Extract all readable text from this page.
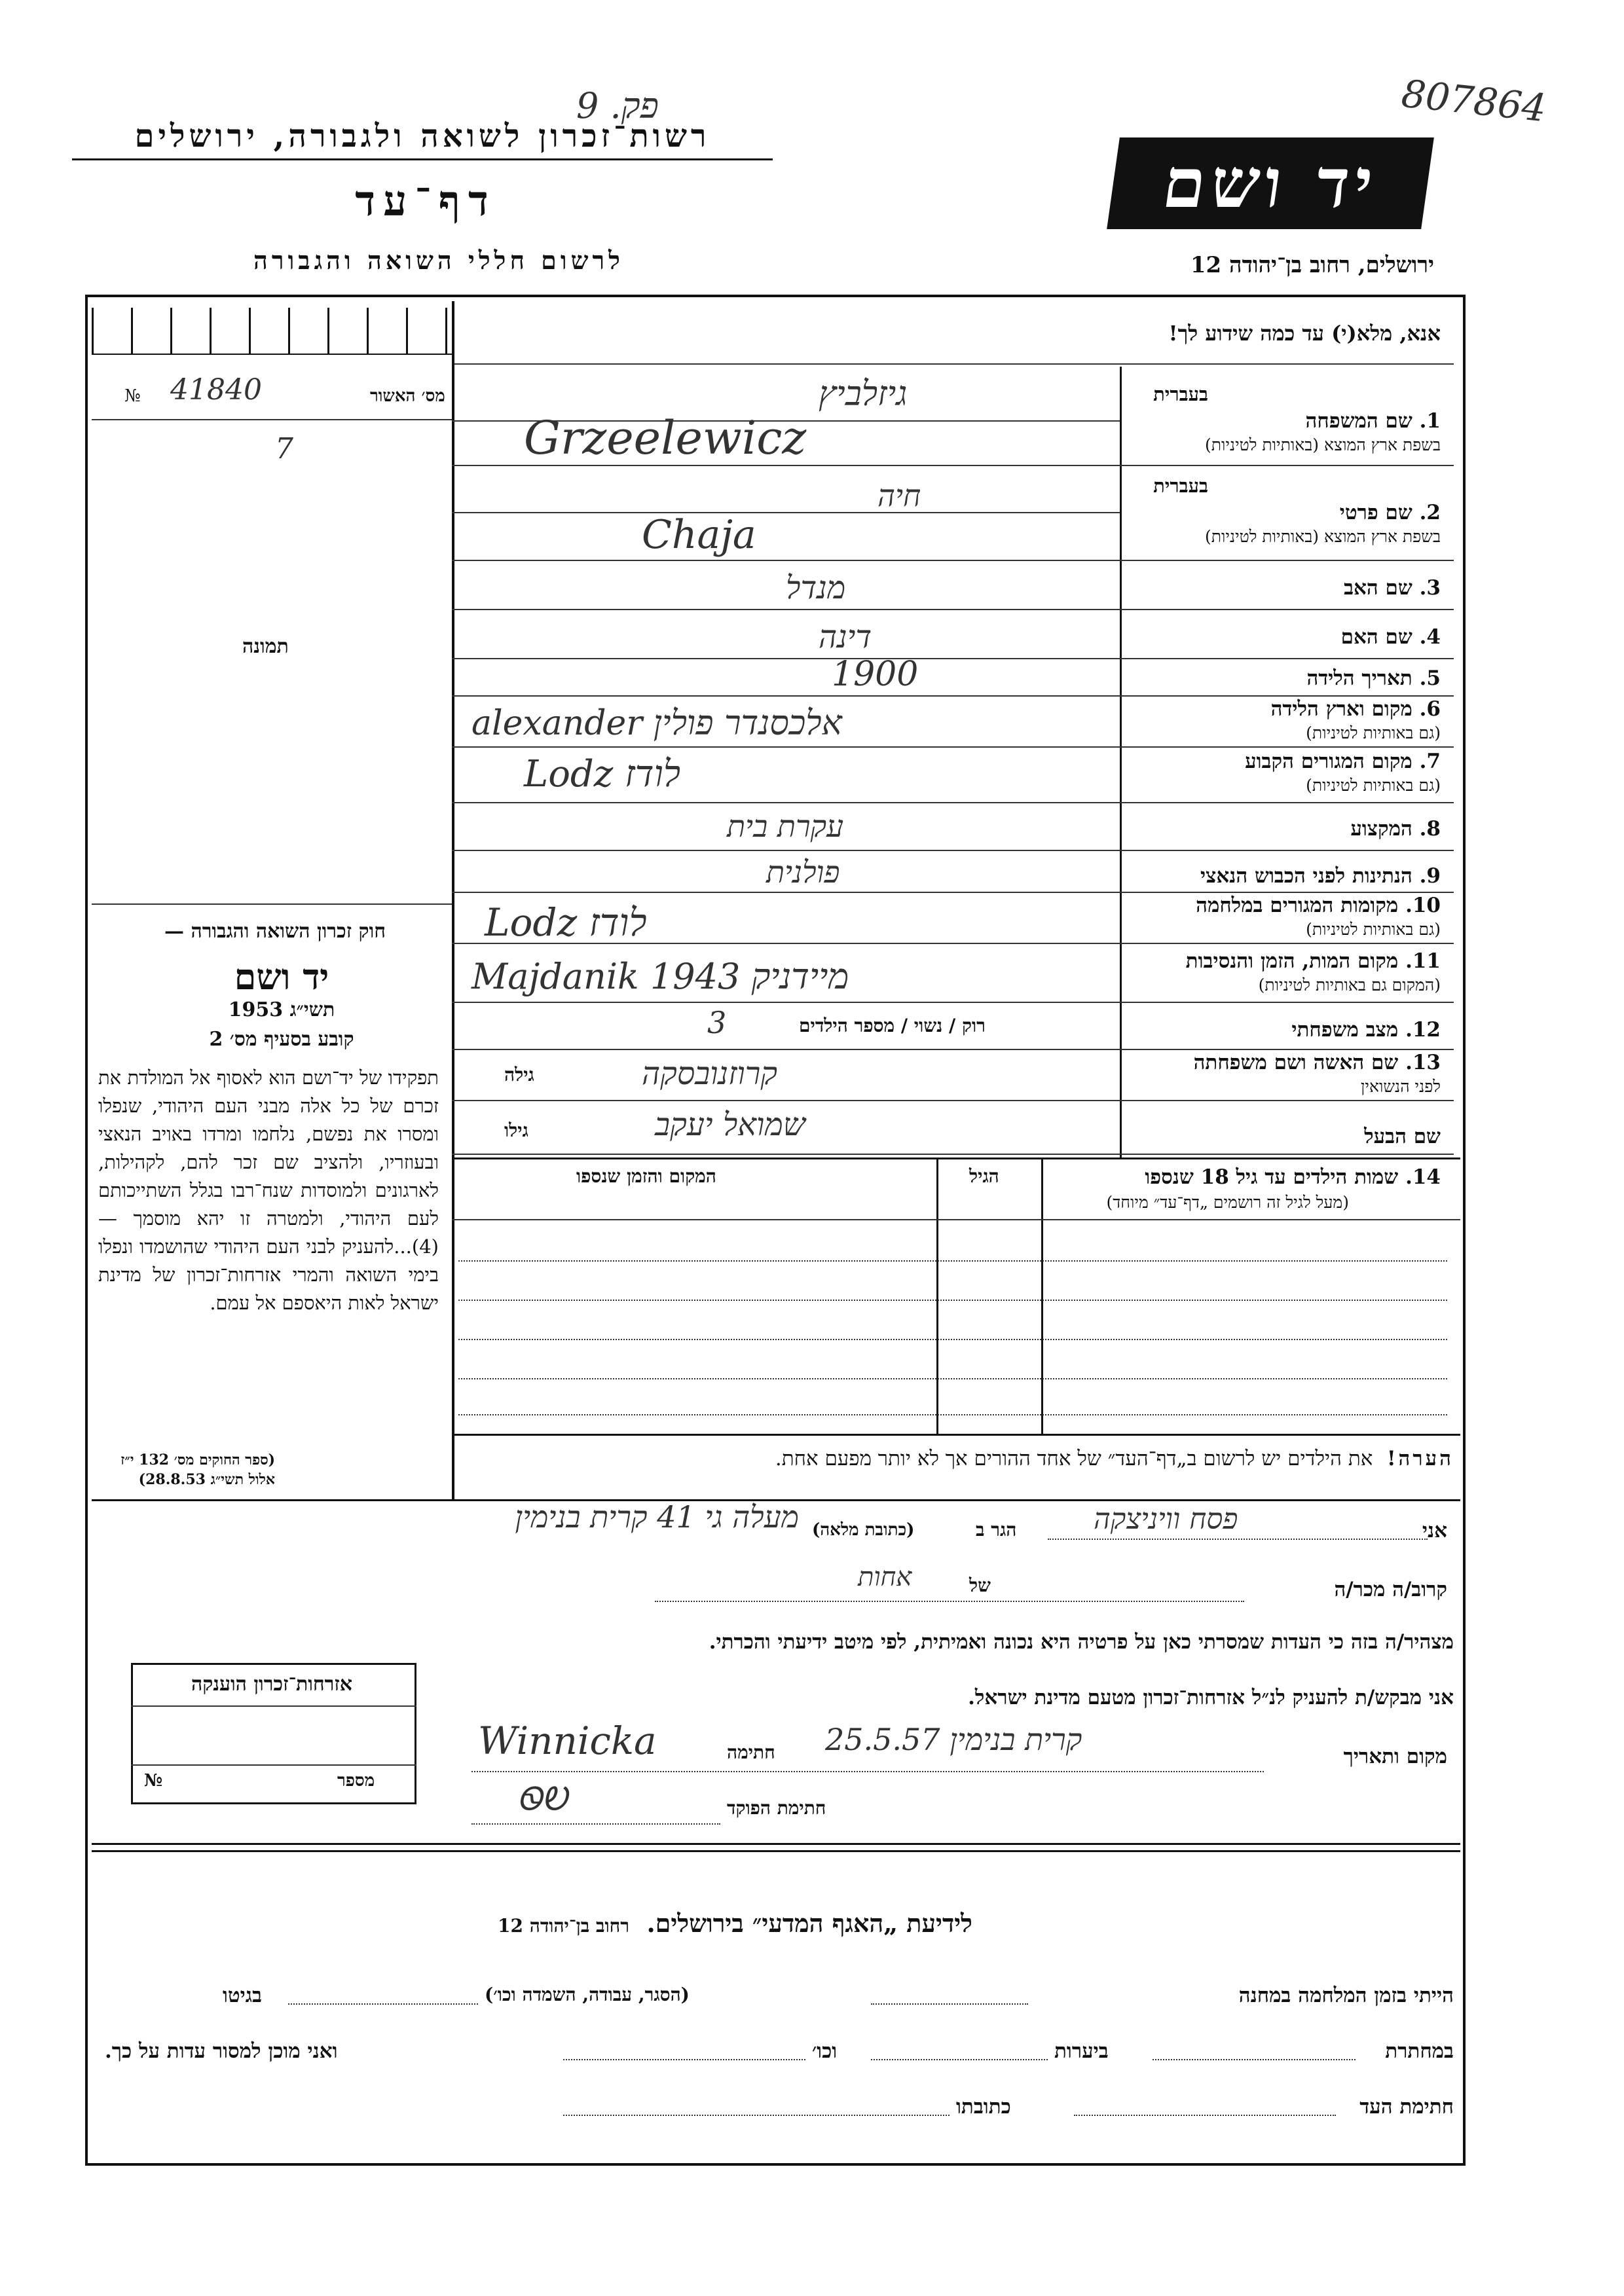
807864
פק. 9
יד ושם
ירושלים, רחוב בן־יהודה 12
רשות־זכרון לשואה ולגבורה, ירושלים
דף־עד
לרשום חללי השואה והגבורה
אנא, מלא(י) עד כמה שידוע לך!
№ 41840	מס׳ האשור
7
תמונה
בעברית
1. שם המשפחה
בשפת ארץ המוצא (באותיות לטיניות)
גיזלביץ
Grzeelewicz
בעברית
2. שם פרטי
בשפת ארץ המוצא (באותיות לטיניות)
חיה
Chaja
3. שם האב
מנדל
4. שם האם
דינה
5. תאריך הלידה
1900
6. מקום וארץ הלידה
(גם באותיות לטיניות)
אלכסנדר פולין alexander
7. מקום המגורים הקבוע
(גם באותיות לטיניות)
לודז Lodz
8. המקצוע
עקרת בית
9. הנתינות לפני הכבוש הנאצי
פולנית
10. מקומות המגורים במלחמה
(גם באותיות לטיניות)
לודז Lodz
11. מקום המות, הזמן והנסיבות
(המקום גם באותיות לטיניות)
מיידניק 1943 Majdanik
12. מצב משפחתי
רוק / נשוי / מספר הילדים
3
13. שם האשה ושם משפחתה
לפני הנשואין
גילה	קרוזנובסקה
שם הבעל
גילו	שמואל יעקב
14. שמות הילדים עד גיל 18 שנספו
(מעל לגיל זה רושמים „דף־עד״ מיוחד)
הגיל
המקום והזמן שנספו
חוק זכרון השואה והגבורה —
יד ושם
תשי״ג 1953
קובע בסעיף מס׳ 2
תפקידו של יד־ושם הוא לאסוף אל המולדת את זכרם של כל אלה מבני העם היהודי, שנפלו ומסרו את נפשם, נלחמו ומרדו באויב הנאצי ובעוזריו, ולהציב שם זכר להם, לקהילות, לארגונים ולמוסדות שנח־רבו בגלל השתייכותם לעם היהודי, ולמטרה זו יהא מוסמך — (4)...להעניק לבני העם היהודי שהושמדו ונפלו בימי השואה והמרי אזרחות־זכרון של מדינת ישראל לאות היאספם אל עמם.
(ספר החוקים מס׳ 132 י״ז אלול תשי״ג 28.8.53)
הערה!  את הילדים יש לרשום ב„דף־העד״ של אחד ההורים אך לא יותר מפעם אחת.
אני
פסח וויניצקה
הגר ב
(כתובת מלאה)
מעלה גי 41 קרית בנימין
קרוב/ה מכר/ה
של
אחות
מצהיר/ה בזה כי העדות שמסרתי כאן על פרטיה היא נכונה ואמיתית, לפי מיטב ידיעתי והכרתי.
אני מבקש/ת להעניק לנ״ל אזרחות־זכרון מטעם מדינת ישראל.
מקום ותאריך
קרית בנימין 25.5.57
חתימה
Winnicka
חתימת הפוקד
ᏫᎧ
אזרחות־זכרון הוענקה
№	מספר
לידיעת „האגף המדעי״ בירושלים.  רחוב בן־יהודה 12
הייתי בזמן המלחמה במחנה
(הסגר, עבודה, השמדה וכו׳)
בגיטו
במחתרת
ביערות
וכו׳
ואני מוכן למסור עדות על כך.
חתימת העד
כתובתו
